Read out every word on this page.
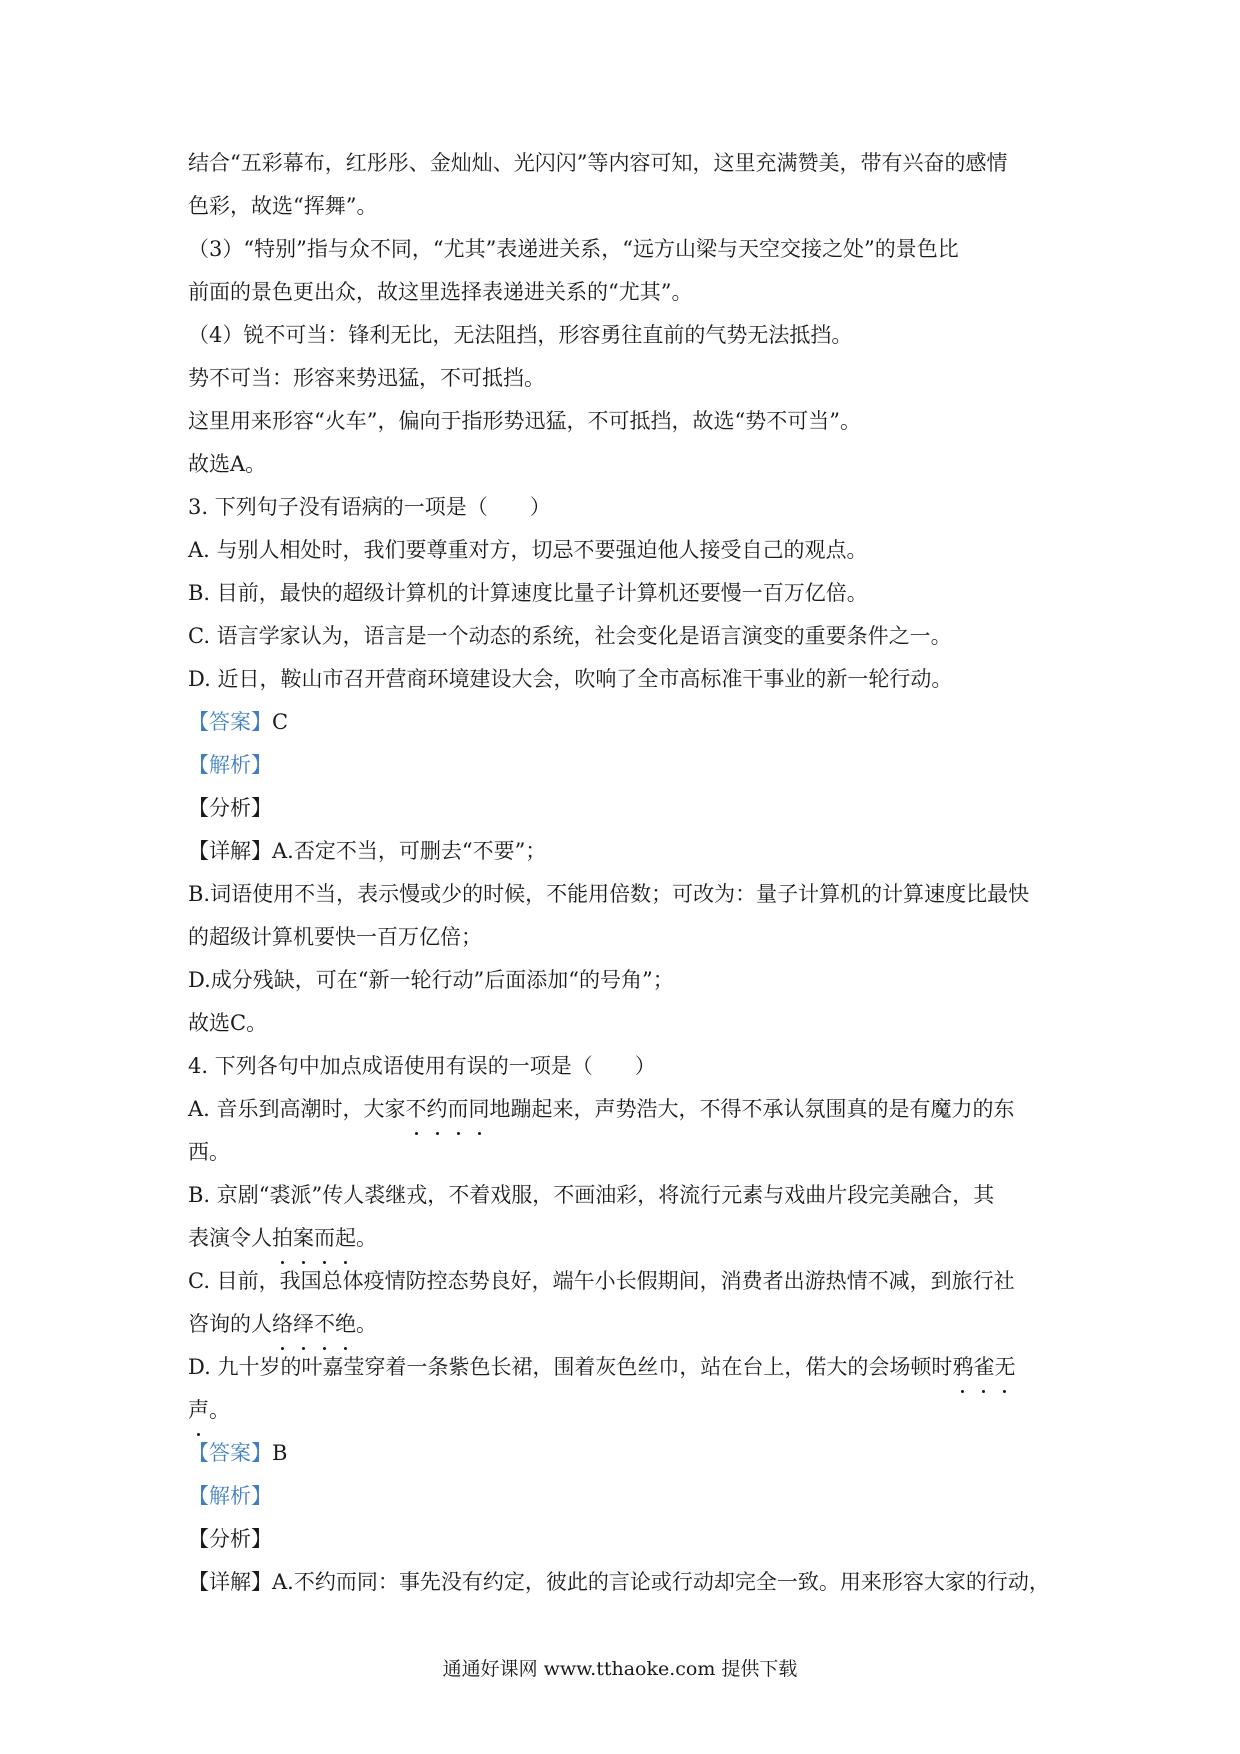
结合“五彩幕布，红彤彤、金灿灿、光闪闪”等内容可知，这里充满赞美，带有兴奋的感情

色彩，故选“挥舞”。

（3）“特别”指与众不同，“尤其”表递进关系，“远方山梁与天空交接之处”的景色比

前面的景色更出众，故这里选择表递进关系的“尤其”。

（4）锐不可当：锋利无比，无法阻挡，形容勇往直前的气势无法抵挡。

势不可当：形容来势迅猛，不可抵挡。

这里用来形容“火车”，偏向于指形势迅猛，不可抵挡，故选“势不可当”。

故选A。

3. 下列句子没有语病的一项是（　　）

A. 与别人相处时，我们要尊重对方，切忌不要强迫他人接受自己的观点。

B. 目前，最快的超级计算机的计算速度比量子计算机还要慢一百万亿倍。

C. 语言学家认为，语言是一个动态的系统，社会变化是语言演变的重要条件之一。

D. 近日，鞍山市召开营商环境建设大会，吹响了全市高标准干事业的新一轮行动。

【答案】C

【解析】

【分析】

【详解】A.否定不当，可删去“不要”；

B.词语使用不当，表示慢或少的时候，不能用倍数；可改为：量子计算机的计算速度比最快

的超级计算机要快一百万亿倍；

D.成分残缺，可在“新一轮行动”后面添加“的号角”；

故选C。

4. 下列各句中加点成语使用有误的一项是（　　）

A. 音乐到高潮时，大家不约而同地蹦起来，声势浩大，不得不承认氛围真的是有魔力的东

西。

B. 京剧“裘派”传人裘继戎，不着戏服，不画油彩，将流行元素与戏曲片段完美融合，其

表演令人拍案而起。

C. 目前，我国总体疫情防控态势良好，端午小长假期间，消费者出游热情不减，到旅行社

咨询的人络绎不绝。

D. 九十岁的叶嘉莹穿着一条紫色长裙，围着灰色丝巾，站在台上，偌大的会场顿时鸦雀无

声。

【答案】B

【解析】

【分析】

【详解】A.不约而同：事先没有约定，彼此的言论或行动却完全一致。用来形容大家的行动，

通通好课网 www.tthaoke.com 提供下载
